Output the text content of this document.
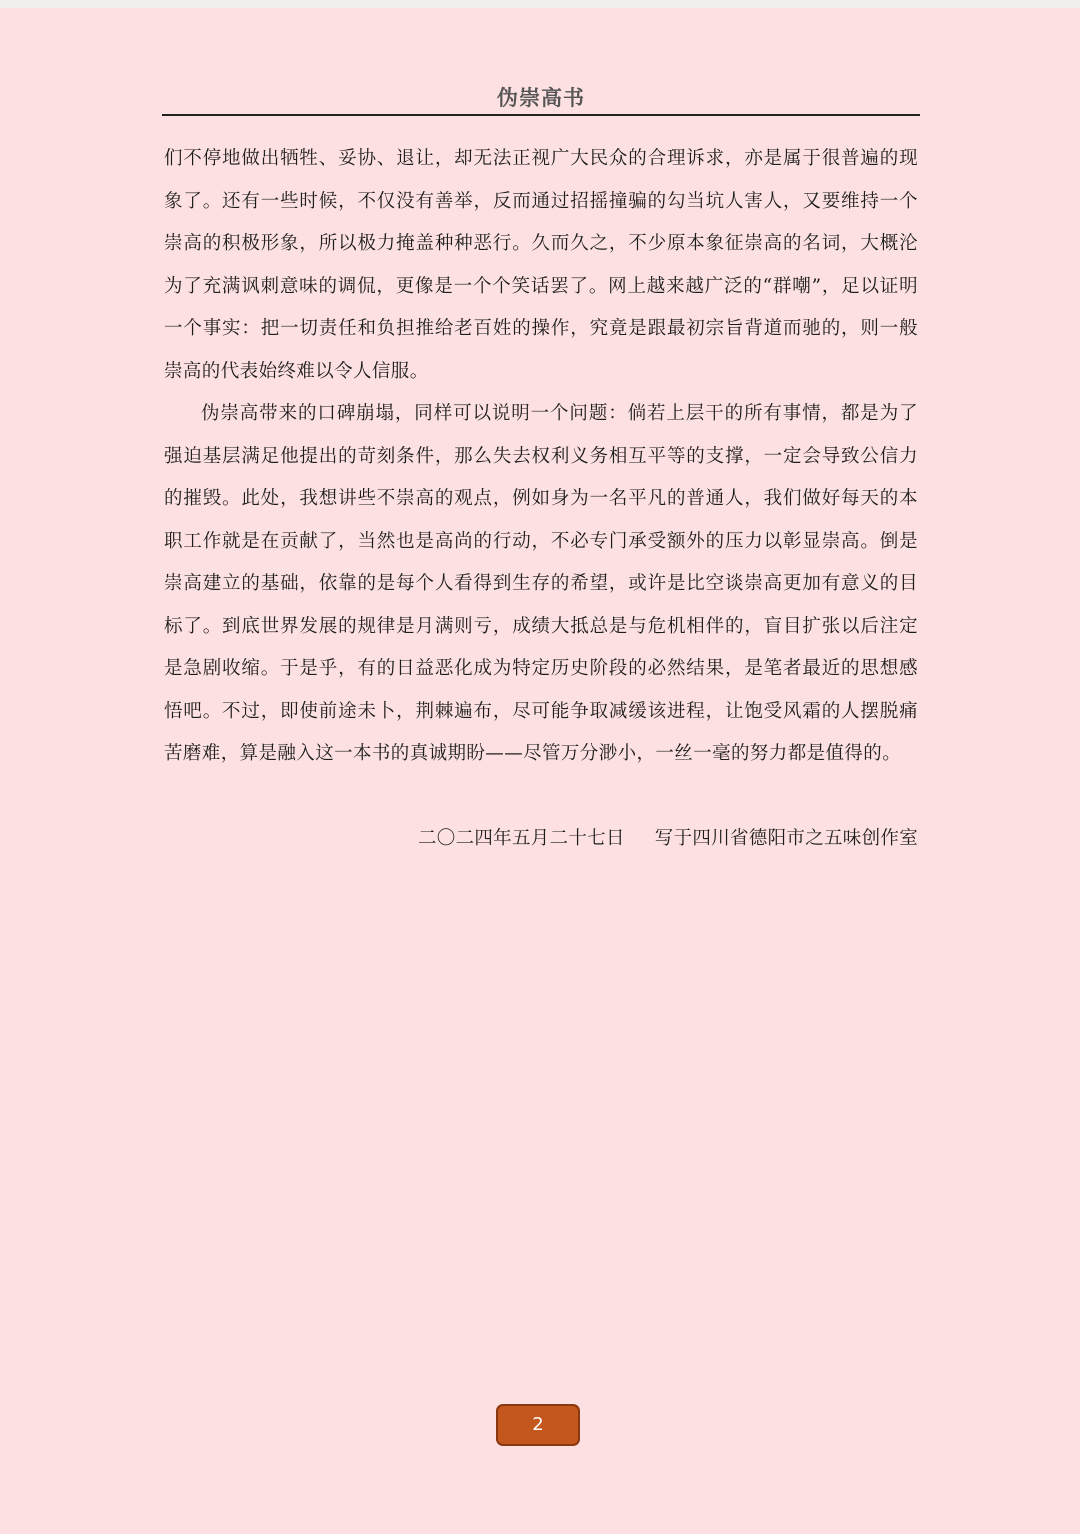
伪崇高书

们不停地做出牺牲、妥协、退让，却无法正视广大民众的合理诉求，亦是属于很普遍的现象了。还有一些时候，不仅没有善举，反而通过招摇撞骗的勾当坑人害人，又要维持一个崇高的积极形象，所以极力掩盖种种恶行。久而久之，不少原本象征崇高的名词，大概沦为了充满讽刺意味的调侃，更像是一个个笑话罢了。网上越来越广泛的“群嘲”，足以证明一个事实：把一切责任和负担推给老百姓的操作，究竟是跟最初宗旨背道而驰的，则一般崇高的代表始终难以令人信服。

伪崇高带来的口碑崩塌，同样可以说明一个问题：倘若上层干的所有事情，都是为了强迫基层满足他提出的苛刻条件，那么失去权利义务相互平等的支撑，一定会导致公信力的摧毁。此处，我想讲些不崇高的观点，例如身为一名平凡的普通人，我们做好每天的本职工作就是在贡献了，当然也是高尚的行动，不必专门承受额外的压力以彰显崇高。倒是崇高建立的基础，依靠的是每个人看得到生存的希望，或许是比空谈崇高更加有意义的目标了。到底世界发展的规律是月满则亏，成绩大抵总是与危机相伴的，盲目扩张以后注定是急剧收缩。于是乎，有的日益恶化成为特定历史阶段的必然结果，是笔者最近的思想感悟吧。不过，即使前途未卜，荆棘遍布，尽可能争取减缓该进程，让饱受风霜的人摆脱痛苦磨难，算是融入这一本书的真诚期盼——尽管万分渺小，一丝一毫的努力都是值得的。

二〇二四年五月二十七日 写于四川省德阳市之五味创作室
2
